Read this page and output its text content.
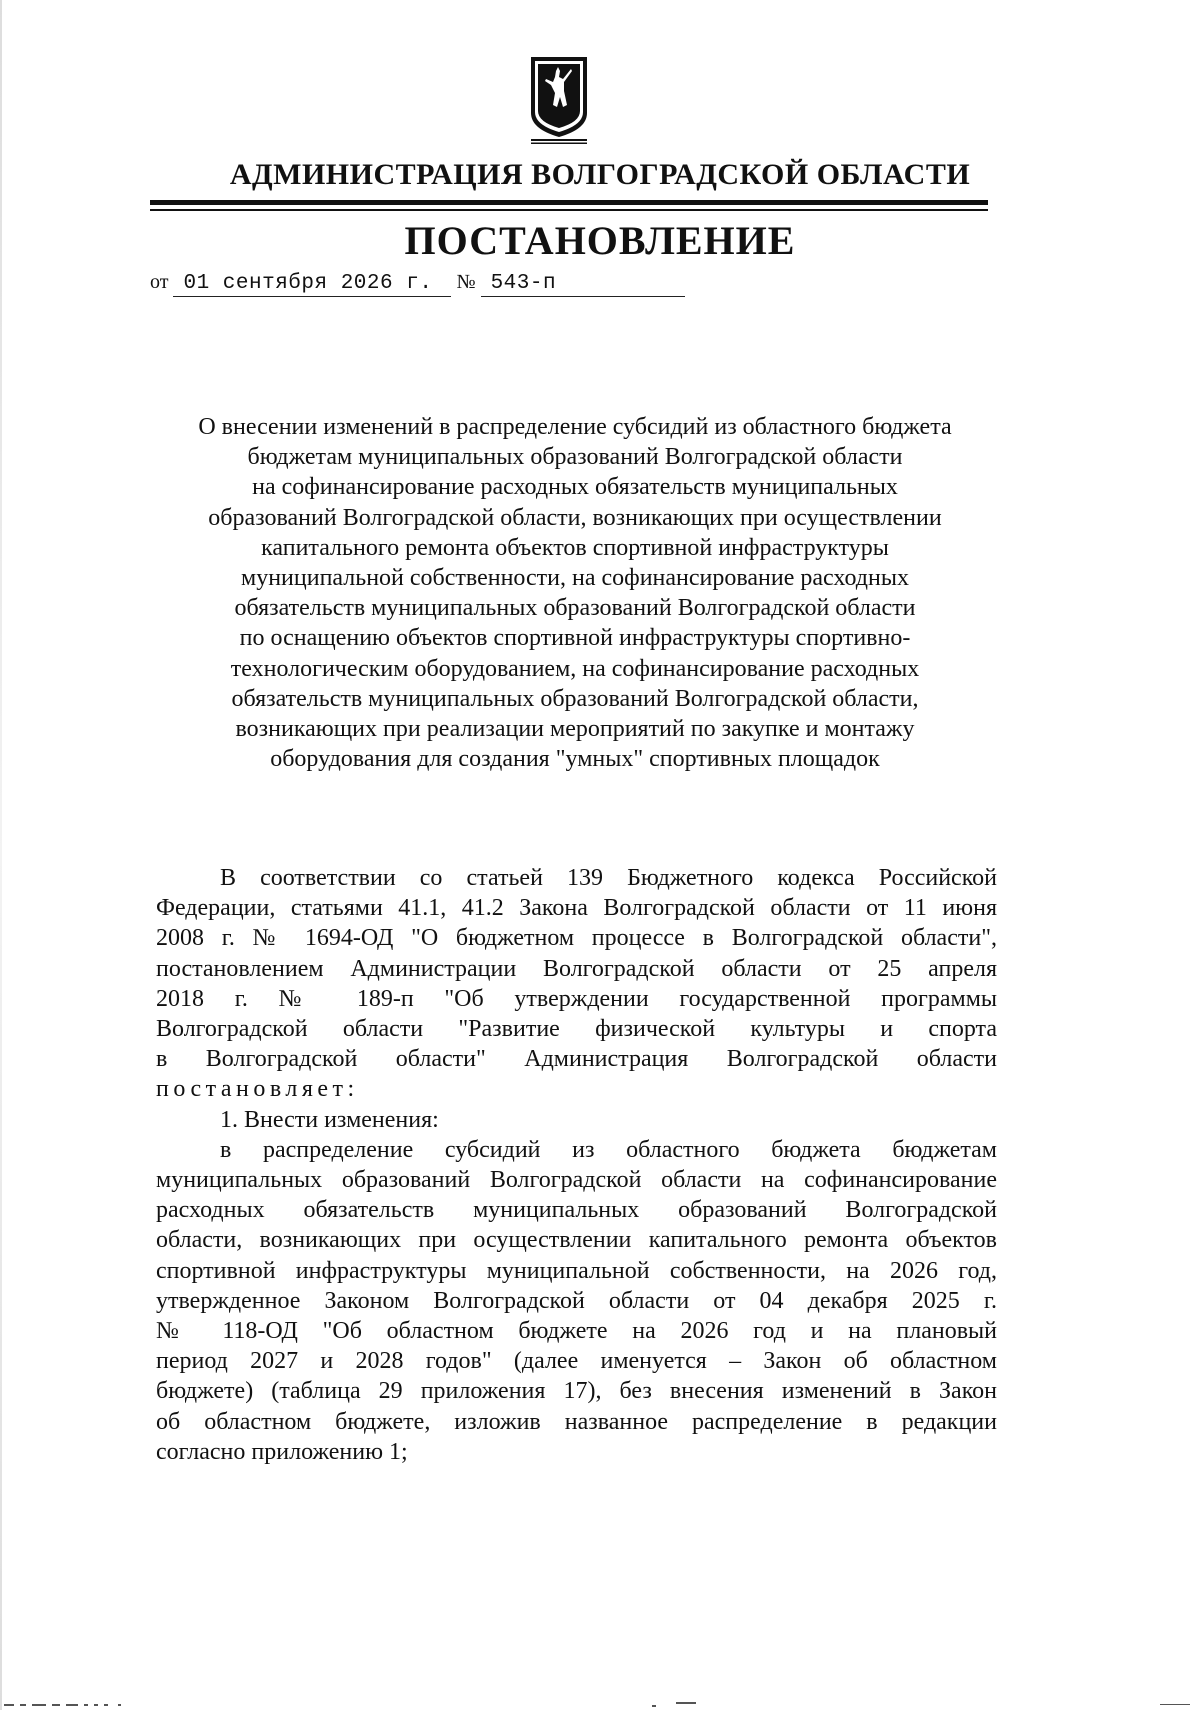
АДМИНИСТРАЦИЯ ВОЛГОГРАДСКОЙ ОБЛАСТИ
ПОСТАНОВЛЕНИЕ
от 01 сентября 2026 г. № 543-п
О внесении изменений в распределение субсидий из областного бюджета
бюджетам муниципальных образований Волгоградской области
на софинансирование расходных обязательств муниципальных
образований Волгоградской области, возникающих при осуществлении
капитального ремонта объектов спортивной инфраструктуры
муниципальной собственности, на софинансирование расходных
обязательств муниципальных образований Волгоградской области
по оснащению объектов спортивной инфраструктуры спортивно-
технологическим оборудованием, на софинансирование расходных
обязательств муниципальных образований Волгоградской области,
возникающих при реализации мероприятий по закупке и монтажу
оборудования для создания "умных" спортивных площадок
В соответствии со статьей 139 Бюджетного кодекса Российской
Федерации, статьями 41.1, 41.2 Закона Волгоградской области от 11 июня
2008 г. № 1694-ОД "О бюджетном процессе в Волгоградской области",
постановлением Администрации Волгоградской области от 25 апреля
2018 г. № 189-п "Об утверждении государственной программы
Волгоградской области "Развитие физической культуры и спорта
в Волгоградской области" Администрация Волгоградской области
постановляет:
1. Внести изменения:
в распределение субсидий из областного бюджета бюджетам
муниципальных образований Волгоградской области на софинансирование
расходных обязательств муниципальных образований Волгоградской
области, возникающих при осуществлении капитального ремонта объектов
спортивной инфраструктуры муниципальной собственности, на 2026 год,
утвержденное Законом Волгоградской области от 04 декабря 2025 г.
№ 118-ОД "Об областном бюджете на 2026 год и на плановый
период 2027 и 2028 годов" (далее именуется – Закон об областном
бюджете) (таблица 29 приложения 17), без внесения изменений в Закон
об областном бюджете, изложив названное распределение в редакции
согласно приложению 1;
